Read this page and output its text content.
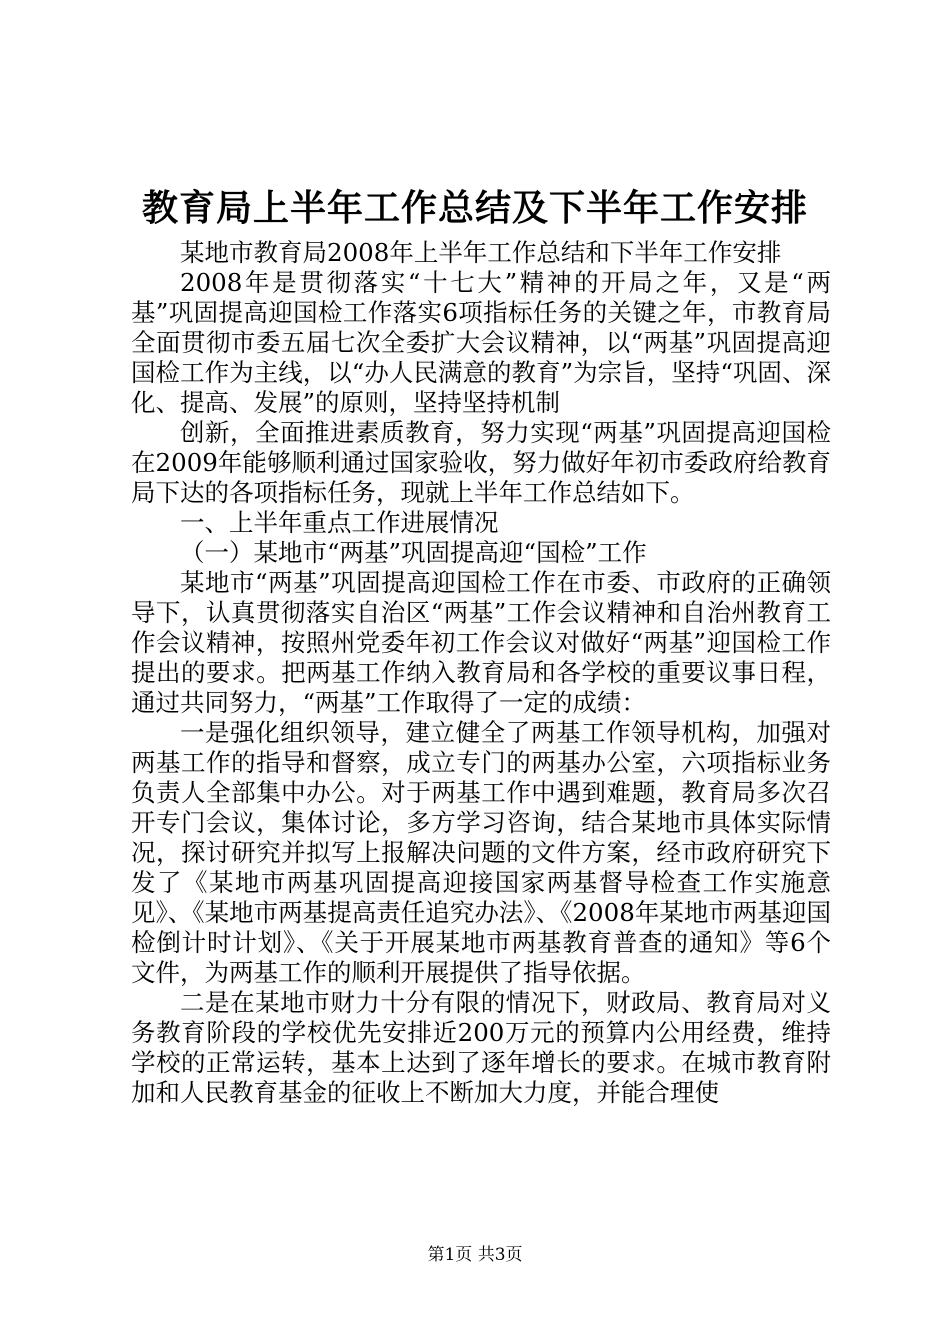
教育局上半年工作总结及下半年工作安排

某地市教育局2008年上半年工作总结和下半年工作安排

2008年是贯彻落实“十七大”精神的开局之年，又是“两基”巩固提高迎国检工作落实6项指标任务的关键之年，市教育局全面贯彻市委五届七次全委扩大会议精神，以“两基”巩固提高迎国检工作为主线，以“办人民满意的教育”为宗旨，坚持“巩固、深化、提高、发展”的原则，坚持坚持机制

创新，全面推进素质教育，努力实现“两基”巩固提高迎国检在2009年能够顺利通过国家验收，努力做好年初市委政府给教育局下达的各项指标任务，现就上半年工作总结如下。

一、上半年重点工作进展情况

（一）某地市“两基”巩固提高迎“国检”工作

某地市“两基”巩固提高迎国检工作在市委、市政府的正确领导下，认真贯彻落实自治区“两基”工作会议精神和自治州教育工作会议精神，按照州党委年初工作会议对做好“两基”迎国检工作提出的要求。把两基工作纳入教育局和各学校的重要议事日程，通过共同努力，“两基”工作取得了一定的成绩：

一是强化组织领导，建立健全了两基工作领导机构，加强对两基工作的指导和督察，成立专门的两基办公室，六项指标业务负责人全部集中办公。对于两基工作中遇到难题，教育局多次召开专门会议，集体讨论，多方学习咨询，结合某地市具体实际情况，探讨研究并拟写上报解决问题的文件方案，经市政府研究下发了《某地市两基巩固提高迎接国家两基督导检查工作实施意见》、《某地市两基提高责任追究办法》、《2008年某地市两基迎国检倒计时计划》、《关于开展某地市两基教育普查的通知》等6个文件，为两基工作的顺利开展提供了指导依据。

二是在某地市财力十分有限的情况下，财政局、教育局对义务教育阶段的学校优先安排近200万元的预算内公用经费，维持学校的正常运转，基本上达到了逐年增长的要求。在城市教育附加和人民教育基金的征收上不断加大力度，并能合理使

第1页 共3页
